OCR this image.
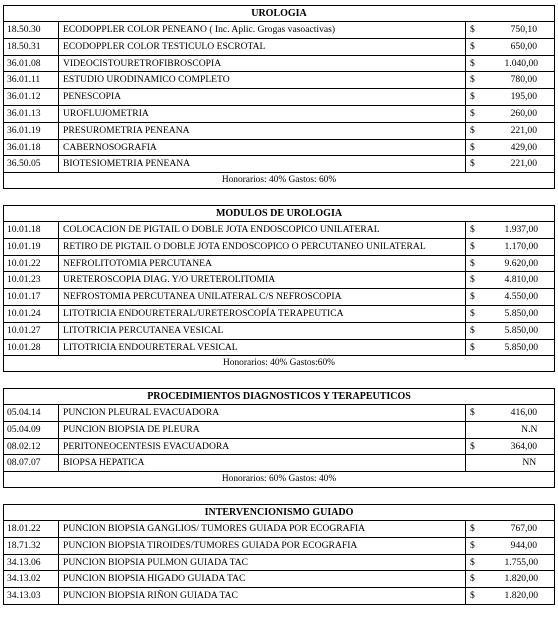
UROLOGIA			
18.50.30	ECODOPPLER COLOR PENEANO ( Inc. Aplic. Grogas vasoactivas)	$	750,10
18.50.31	ECODOPPLER COLOR TESTICULO ESCROTAL	$	650,00
36.01.08	VIDEOCISTOURETROFIBROSCOPIA	$	1.040,00
36.01.11	ESTUDIO URODINAMICO COMPLETO	$	780,00
36.01.12	PENESCOPIA	$	195,00
36.01.13	UROFLUJOMETRIA	$	260,00
36.01.19	PRESUROMETRIA PENEANA	$	221,00
36.01.18	CABERNOSOGRAFIA	$	429,00
36.50.05	BIOTESIOMETRIA PENEANA	$	221,00
Honorarios: 40% Gastos: 60%			
MODULOS DE UROLOGIA			
10.01.18	COLOCACION DE PIGTAIL O DOBLE JOTA ENDOSCOPICO UNILATERAL	$	1.937,00
10.01.19	RETIRO DE PIGTAIL O DOBLE JOTA ENDOSCOPICO O PERCUTANEO UNILATERAL	$	1.170,00
10.01.22	NEFROLITOTOMIA PERCUTANEA	$	9.620,00
10.01.23	URETEROSCOPIA DIAG. Y/O URETEROLITOMIA	$	4.810,00
10.01.17	NEFROSTOMIA PERCUTANEA UNILATERAL C/S NEFROSCOPIA	$	4.550,00
10.01.24	LITOTRICIA ENDOURETERAL/URETEROSCOPÍA TERAPEUTICA	$	5.850,00
10.01.27	LITOTRICIA PERCUTANEA VESICAL	$	5.850,00
10.01.28	LITOTRICIA ENDOURETERAL VESICAL	$	5.850,00
Honorarios: 40% Gastos:60%			
PROCEDIMIENTOS DIAGNOSTICOS Y TERAPEUTICOS			
05.04.14	PUNCION PLEURAL EVACUADORA	$	416,00
05.04.09	PUNCION BIOPSIA DE PLEURA		N.N
08.02.12	PERITONEOCENTESIS EVACUADORA	$	364,00
08.07.07	BIOPSA HEPATICA		NN
Honorarios: 60% Gastos: 40%			
INTERVENCIONISMO GUIADO			
18.01.22	PUNCION BIOPSIA GANGLIOS/ TUMORES GUIADA POR ECOGRAFIA	$	767,00
18.71.32	PUNCION BIOPSIA TIROIDES/TUMORES GUIADA POR ECOGRAFIA	$	944,00
34.13.06	PUNCION BIOPSIA PULMON GUIADA TAC	$	1.755,00
34.13.02	PUNCION BIOPSIA HIGADO GUIADA TAC	$	1.820,00
34.13.03	PUNCION BIOPSIA RIÑON GUIADA TAC	$	1.820,00
